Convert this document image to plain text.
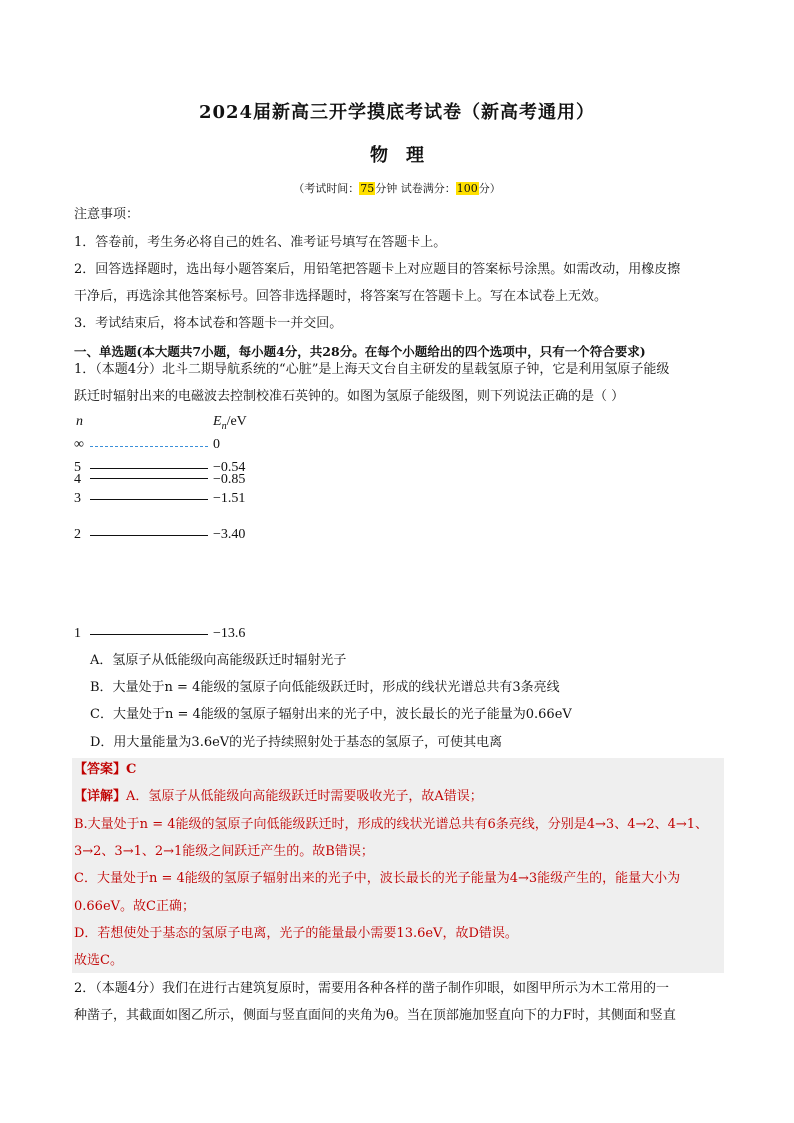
2024届新高三开学摸底考试卷（新高考通用）
物理
（考试时间：75分钟 试卷满分：100分）
注意事项：
1．答卷前，考生务必将自己的姓名、准考证号填写在答题卡上。
2．回答选择题时，选出每小题答案后，用铅笔把答题卡上对应题目的答案标号涂黑。如需改动，用橡皮擦
干净后，再选涂其他答案标号。回答非选择题时，将答案写在答题卡上。写在本试卷上无效。
3．考试结束后，将本试卷和答题卡一并交回。
一、单选题(本大题共7小题，每小题4分，共28分。在每个小题给出的四个选项中，只有一个符合要求)
1．（本题4分）北斗二期导航系统的“心脏”是上海天文台自主研发的星载氢原子钟，它是利用氢原子能级
跃迁时辐射出来的电磁波去控制校准石英钟的。如图为氢原子能级图，则下列说法正确的是（ ）
n	$E_n/eV$
∞	0
5	−0.54
4	−0.85
3	−1.51
2	−3.40
1	−13.6
A．氢原子从低能级向高能级跃迁时辐射光子
B．大量处于n = 4能级的氢原子向低能级跃迁时，形成的线状光谱总共有3条亮线
C．大量处于n = 4能级的氢原子辐射出来的光子中，波长最长的光子能量为0.66eV
D．用大量能量为3.6eV的光子持续照射处于基态的氢原子，可使其电离
【答案】C
【详解】A．氢原子从低能级向高能级跃迁时需要吸收光子，故A错误；
B.大量处于n = 4能级的氢原子向低能级跃迁时，形成的线状光谱总共有6条亮线，分别是4→3、4→2、4→1、
3→2、3→1、2→1能级之间跃迁产生的。故B错误；
C．大量处于n = 4能级的氢原子辐射出来的光子中，波长最长的光子能量为4→3能级产生的，能量大小为
0.66eV。故C正确；
D．若想使处于基态的氢原子电离，光子的能量最小需要13.6eV，故D错误。
故选C。
2．（本题4分）我们在进行古建筑复原时，需要用各种各样的凿子制作卯眼，如图甲所示为木工常用的一
种凿子，其截面如图乙所示，侧面与竖直面间的夹角为θ。当在顶部施加竖直向下的力F时，其侧面和竖直
